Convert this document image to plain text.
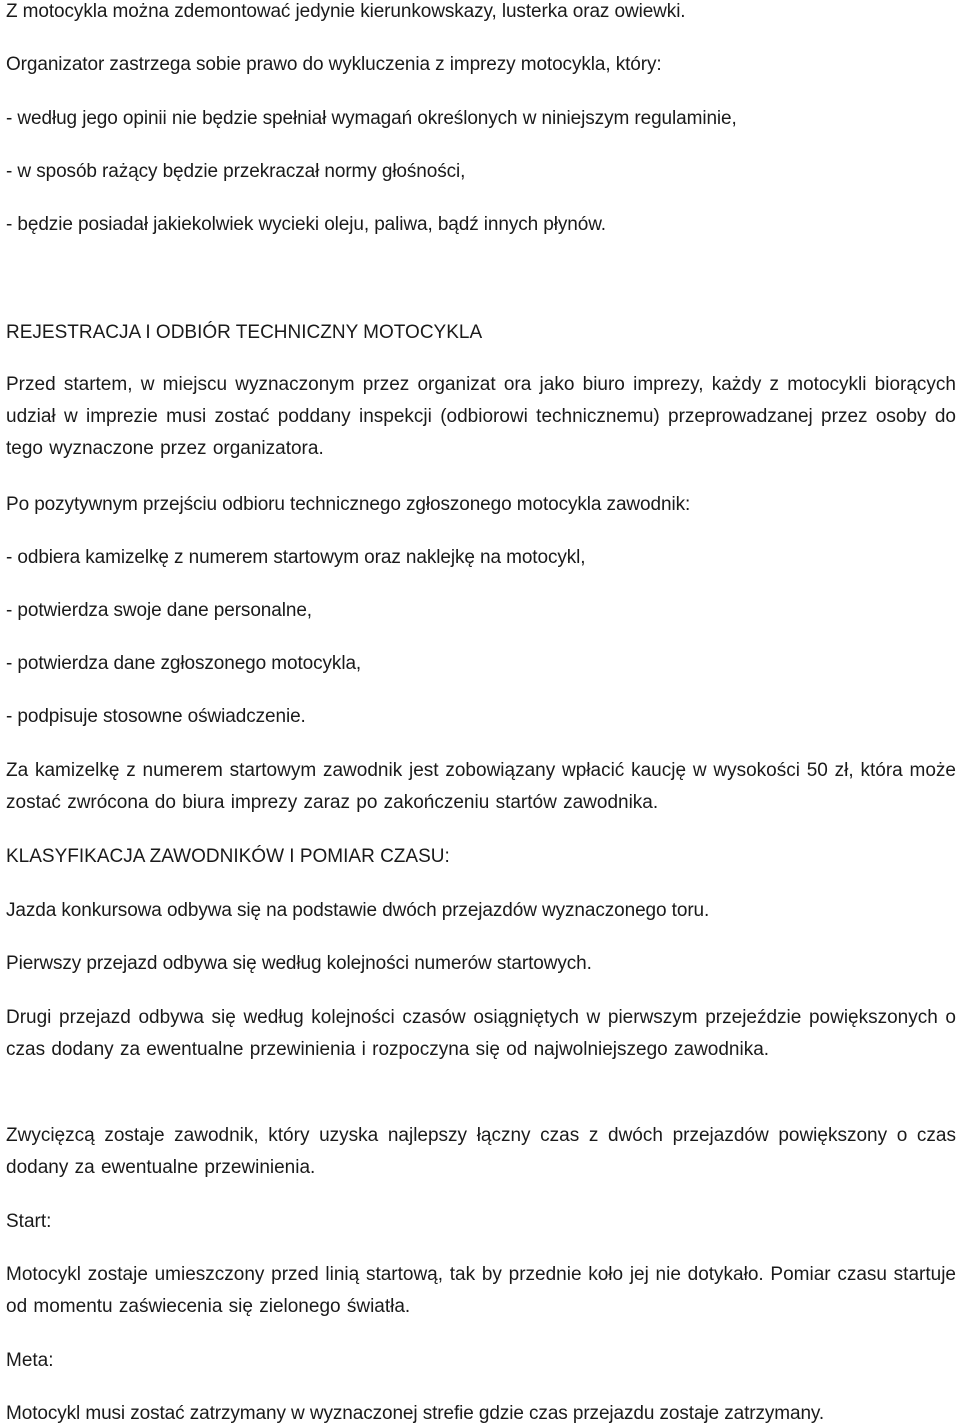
Z motocykla można zdemontować jedynie kierunkowskazy, lusterka oraz owiewki.
Organizator zastrzega sobie prawo do wykluczenia z imprezy motocykla, który:
- według jego opinii nie będzie spełniał wymagań określonych w niniejszym regulaminie,
- w sposób rażący będzie przekraczał normy głośności,
- będzie posiadał jakiekolwiek wycieki oleju, paliwa, bądź innych płynów.
REJESTRACJA I ODBIÓR TECHNICZNY MOTOCYKLA
Przed startem, w miejscu wyznaczonym przez organizat ora jako biuro imprezy, każdy z motocykli biorących udział w imprezie musi zostać poddany inspekcji (odbiorowi technicznemu) przeprowadzanej przez osoby do tego wyznaczone przez organizatora.
Po pozytywnym przejściu odbioru technicznego zgłoszonego motocykla zawodnik:
- odbiera kamizelkę z numerem startowym oraz naklejkę na motocykl,
- potwierdza swoje dane personalne,
- potwierdza dane zgłoszonego motocykla,
- podpisuje stosowne oświadczenie.
Za kamizelkę z numerem startowym zawodnik jest zobowiązany wpłacić kaucję w wysokości 50 zł, która może zostać zwrócona do biura imprezy zaraz po zakończeniu startów zawodnika.
KLASYFIKACJA ZAWODNIKÓW I POMIAR CZASU:
Jazda konkursowa odbywa się na podstawie dwóch przejazdów wyznaczonego toru.
Pierwszy przejazd odbywa się według kolejności numerów startowych.
Drugi przejazd odbywa się według kolejności czasów osiągniętych w pierwszym przejeździe powiększonych o czas dodany za ewentualne przewinienia i rozpoczyna się od najwolniejszego zawodnika.
Zwycięzcą zostaje zawodnik, który uzyska najlepszy łączny czas z dwóch przejazdów powiększony o czas dodany za ewentualne przewinienia.
Start:
Motocykl zostaje umieszczony przed linią startową, tak by przednie koło jej nie dotykało. Pomiar czasu startuje od momentu zaświecenia się zielonego światła.
Meta:
Motocykl musi zostać zatrzymany w wyznaczonej strefie gdzie czas przejazdu zostaje zatrzymany.
